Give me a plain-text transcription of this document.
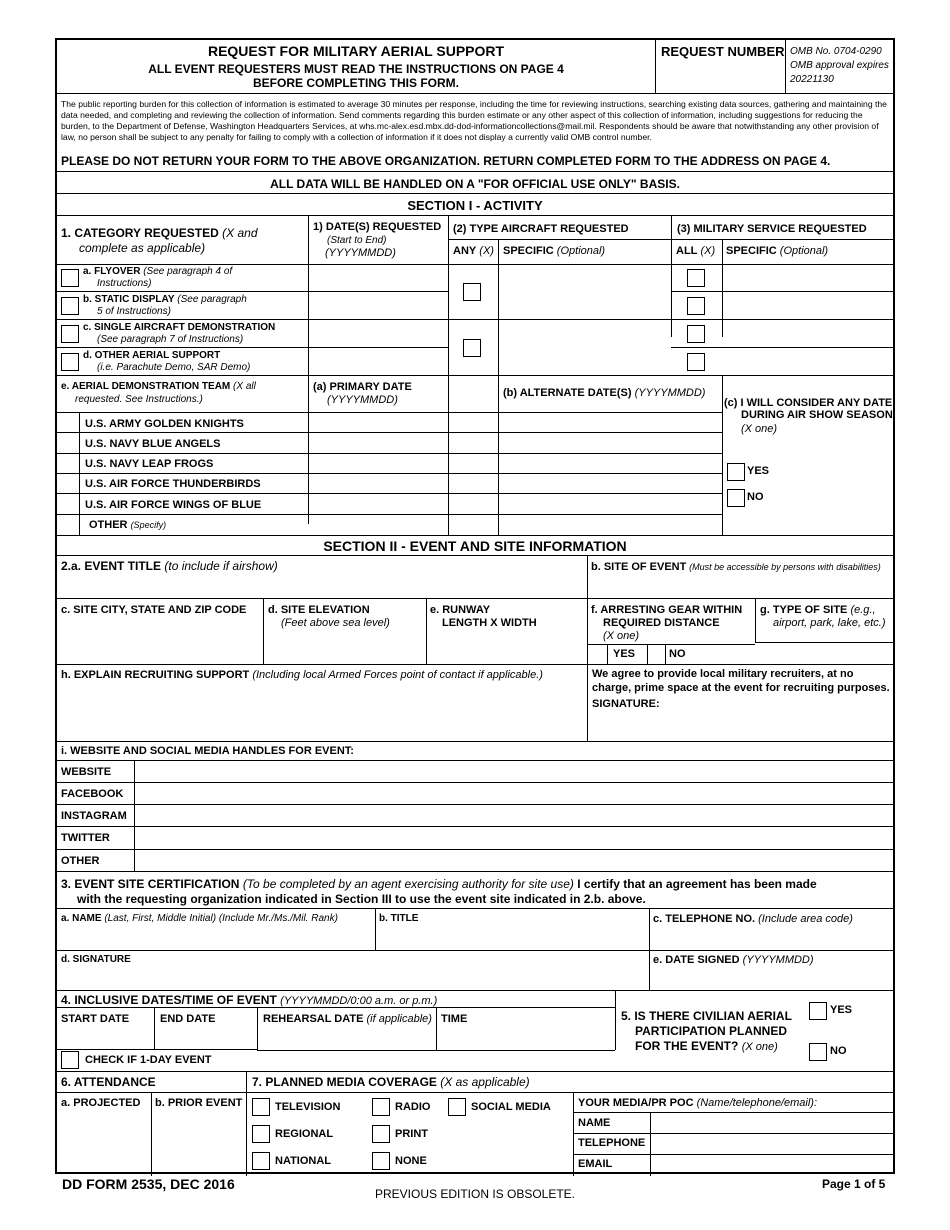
REQUEST FOR MILITARY AERIAL SUPPORT
ALL EVENT REQUESTERS MUST READ THE INSTRUCTIONS ON PAGE 4
BEFORE COMPLETING THIS FORM.
REQUEST NUMBER OMB No. 0704-0290
OMB approval expires
20221130
The public reporting burden for this collection of information is estimated to average 30 minutes per response, including the time for reviewing instructions, searching existing data sources, gathering and maintaining the data needed, and completing and reviewing the collection of information. Send comments regarding this burden estimate or any other aspect of this collection of information, including suggestions for reducing the burden, to the Department of Defense, Washington Headquarters Services, at whs.mc-alex.esd.mbx.dd-dod-informationcollections@mail.mil. Respondents should be aware that notwithstanding any other provision of law, no person shall be subject to any penalty for failing to comply with a collection of information if it does not display a currently valid OMB control number.
PLEASE DO NOT RETURN YOUR FORM TO THE ABOVE ORGANIZATION. RETURN COMPLETED FORM TO THE ADDRESS ON PAGE 4.
ALL DATA WILL BE HANDLED ON A "FOR OFFICIAL USE ONLY" BASIS.
SECTION I - ACTIVITY
1. CATEGORY REQUESTED (X and
complete as applicable)
1) DATE(S) REQUESTED
(Start to End)
(YYYYMMDD)
(2) TYPE AIRCRAFT REQUESTED
ANY (X) SPECIFIC (Optional)
(3) MILITARY SERVICE REQUESTED
ALL (X) SPECIFIC (Optional)
a. FLYOVER (See paragraph 4 of
Instructions)
b. STATIC DISPLAY (See paragraph
5 of Instructions)
c. SINGLE AIRCRAFT DEMONSTRATION
(See paragraph 7 of Instructions)
d. OTHER AERIAL SUPPORT
(i.e. Parachute Demo, SAR Demo)
e. AERIAL DEMONSTRATION TEAM (X all
requested. See Instructions.)
(a) PRIMARY DATE
(YYYYMMDD)
(b) ALTERNATE DATE(S) (YYYYMMDD)
(c) I WILL CONSIDER ANY DATE
DURING AIR SHOW SEASON
(X one)
YES
NO
U.S. ARMY GOLDEN KNIGHTS
U.S. NAVY BLUE ANGELS
U.S. NAVY LEAP FROGS
U.S. AIR FORCE THUNDERBIRDS
U.S. AIR FORCE WINGS OF BLUE
OTHER (Specify)
SECTION II - EVENT AND SITE INFORMATION
2.a. EVENT TITLE (to include if airshow)	b. SITE OF EVENT (Must be accessible by persons with disabilities)
c. SITE CITY, STATE AND ZIP CODE d. SITE ELEVATION
(Feet above sea level)
e. RUNWAY
LENGTH X WIDTH
f. ARRESTING GEAR WITHIN
REQUIRED DISTANCE
(X one)
YES	NO
g. TYPE OF SITE (e.g.,
airport, park, lake, etc.)
h. EXPLAIN RECRUITING SUPPORT (Including local Armed Forces point of contact if applicable.)	We agree to provide local military recruiters, at no
charge, prime space at the event for recruiting purposes.
SIGNATURE:
i. WEBSITE AND SOCIAL MEDIA HANDLES FOR EVENT:
WEBSITE
FACEBOOK
INSTAGRAM
TWITTER
OTHER
3. EVENT SITE CERTIFICATION (To be completed by an agent exercising authority for site use) I certify that an agreement has been made
with the requesting organization indicated in Section III to use the event site indicated in 2.b. above.
a. NAME (Last, First, Middle Initial) (Include Mr./Ms./Mil. Rank)	b. TITLE	c. TELEPHONE NO. (Include area code)
d. SIGNATURE	e. DATE SIGNED (YYYYMMDD)
4. INCLUSIVE DATES/TIME OF EVENT (YYYYMMDD/0:00 a.m. or p.m.)
START DATE	END DATE	REHEARSAL DATE (if applicable) TIME
CHECK IF 1-DAY EVENT
5. IS THERE CIVILIAN AERIAL
PARTICIPATION PLANNED
FOR THE EVENT? (X one)
YES
NO
6. ATTENDANCE	7. PLANNED MEDIA COVERAGE (X as applicable)
a. PROJECTED b. PRIOR EVENT	TELEVISION	RADIO	SOCIAL MEDIA
REGIONAL	PRINT
NATIONAL	NONE
YOUR MEDIA/PR POC (Name/telephone/email):
NAME
TELEPHONE
EMAIL
DD FORM 2535, DEC 2016
PREVIOUS EDITION IS OBSOLETE.
Page 1 of 5
